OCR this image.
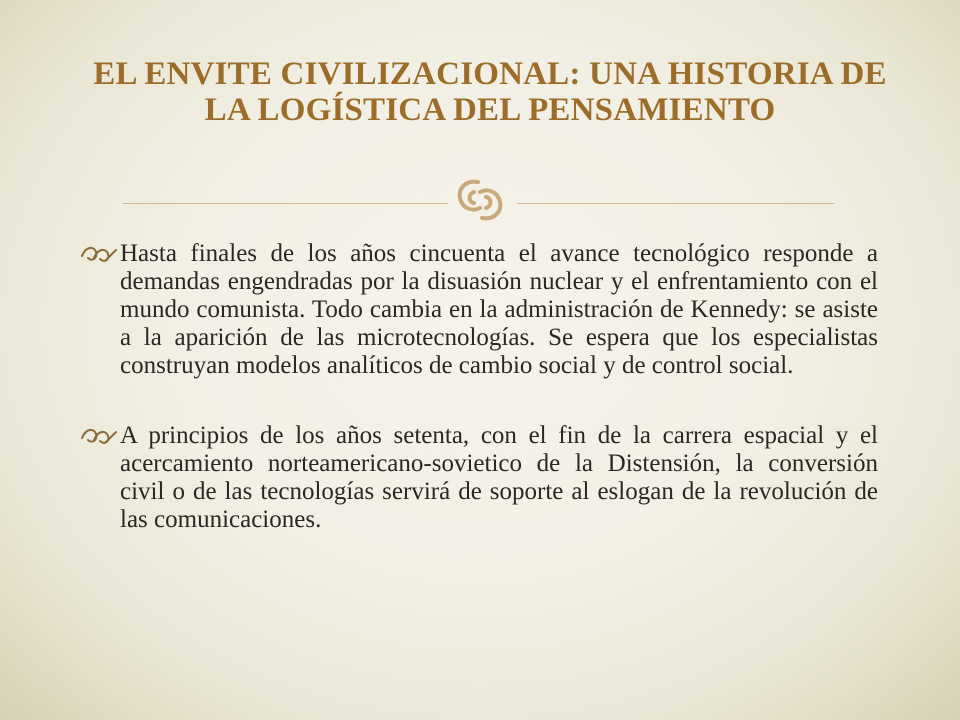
EL ENVITE CIVILIZACIONAL: UNA HISTORIA DE
LA LOGÍSTICA DEL PENSAMIENTO
Hasta finales de los años cincuenta el avance tecnológico responde a demandas engendradas por la disuasión nuclear y el enfrentamiento con el mundo comunista. Todo cambia en la administración de Kennedy: se asiste a la aparición de las microtecnologías. Se espera que los especialistas construyan modelos analíticos de cambio social y de control social.
A principios de los años setenta, con el fin de la carrera espacial y el acercamiento norteamericano-sovietico de la Distensión, la conversión civil o de las tecnologías servirá de soporte al eslogan de la revolución de las comunicaciones.
